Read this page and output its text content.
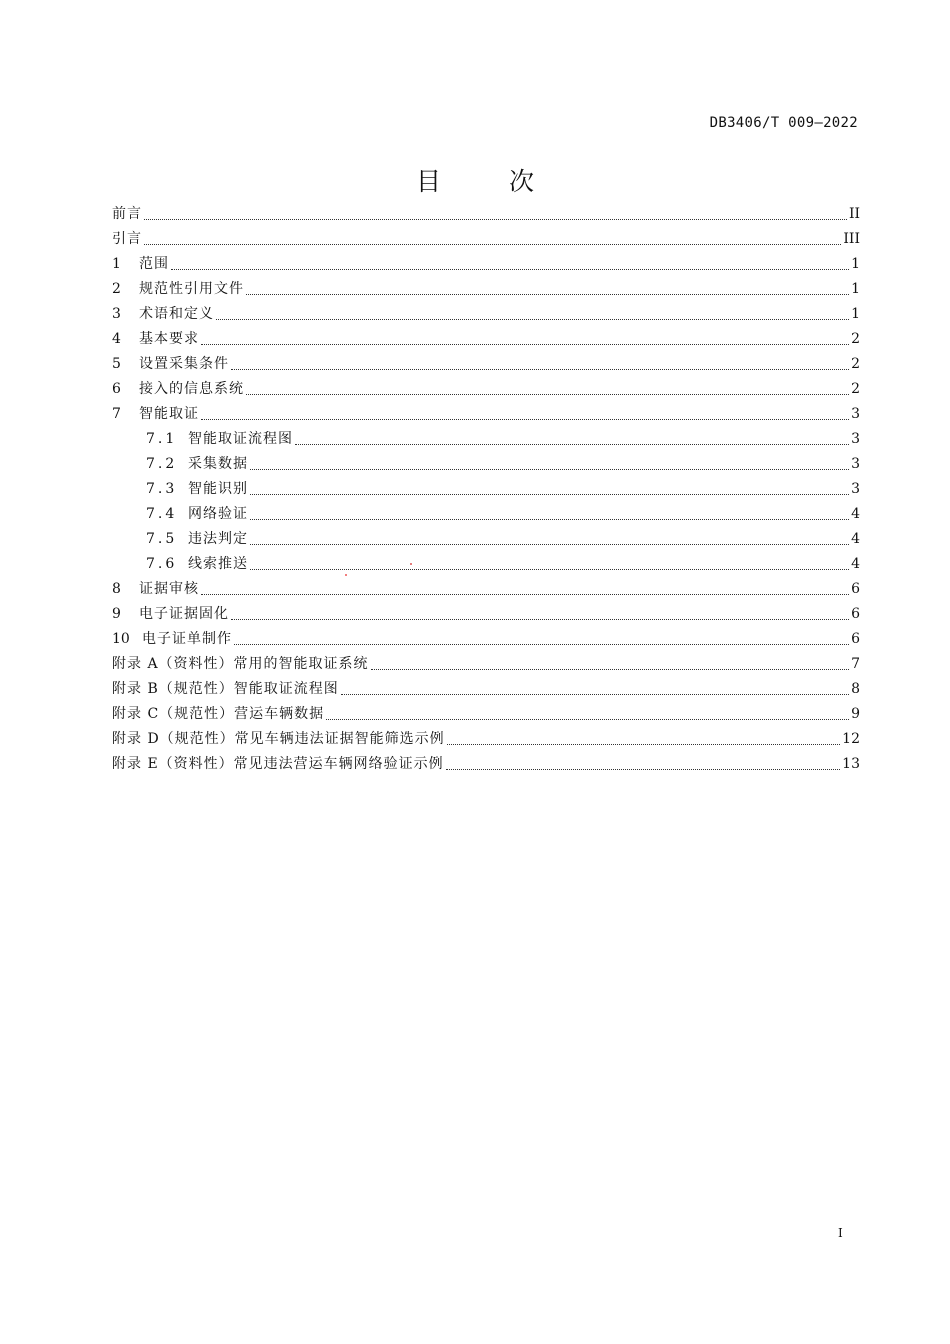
DB3406/T 009—2022
目 次
前言	II
引言	III
1	范围	1
2	规范性引用文件	1
3	术语和定义	1
4	基本要求	2
5	设置采集条件	2
6	接入的信息系统	2
7	智能取证	3
7.1 智能取证流程图	3
7.2 采集数据	3
7.3 智能识别	3
7.4 网络验证	4
7.5 违法判定	4
7.6 线索推送	4
8	证据审核	6
9	电子证据固化	6
10 电子证单制作	6
附录 A（资料性）常用的智能取证系统	7
附录 B（规范性）智能取证流程图	8
附录 C（规范性）营运车辆数据	9
附录 D（规范性）常见车辆违法证据智能筛选示例	12
附录 E（资料性）常见违法营运车辆网络验证示例	13
I
